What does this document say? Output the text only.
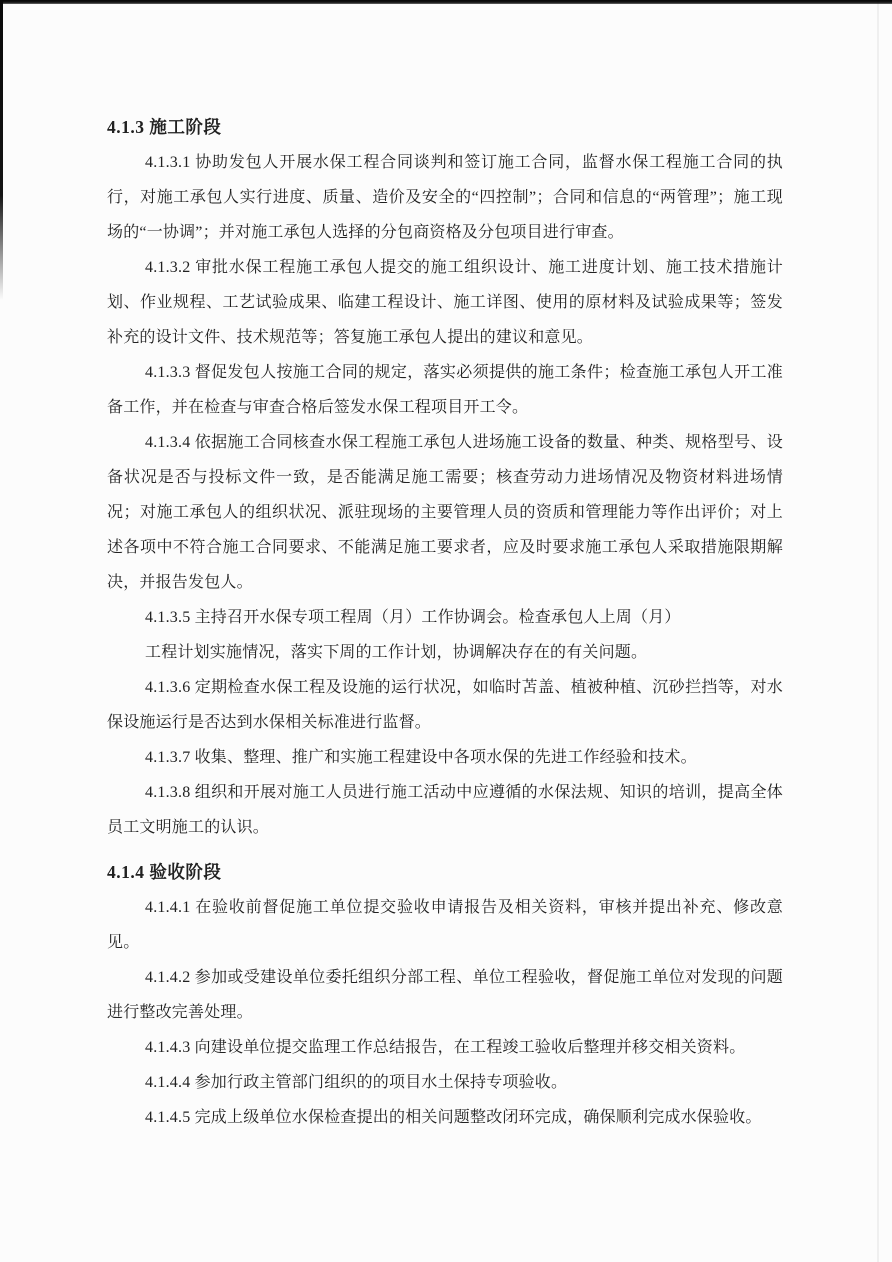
4.1.3 施工阶段

4.1.3.1 协助发包人开展水保工程合同谈判和签订施工合同，监督水保工程施工合同的执行，对施工承包人实行进度、质量、造价及安全的“四控制”；合同和信息的“两管理”；施工现场的“一协调”；并对施工承包人选择的分包商资格及分包项目进行审查。

4.1.3.2 审批水保工程施工承包人提交的施工组织设计、施工进度计划、施工技术措施计划、作业规程、工艺试验成果、临建工程设计、施工详图、使用的原材料及试验成果等；签发补充的设计文件、技术规范等；答复施工承包人提出的建议和意见。

4.1.3.3 督促发包人按施工合同的规定，落实必须提供的施工条件；检查施工承包人开工准备工作，并在检查与审查合格后签发水保工程项目开工令。

4.1.3.4 依据施工合同核查水保工程施工承包人进场施工设备的数量、种类、规格型号、设备状况是否与投标文件一致，是否能满足施工需要；核查劳动力进场情况及物资材料进场情况；对施工承包人的组织状况、派驻现场的主要管理人员的资质和管理能力等作出评价；对上述各项中不符合施工合同要求、不能满足施工要求者，应及时要求施工承包人采取措施限期解决，并报告发包人。

4.1.3.5 主持召开水保专项工程周（月）工作协调会。检查承包人上周（月）

工程计划实施情况，落实下周的工作计划，协调解决存在的有关问题。

4.1.3.6 定期检查水保工程及设施的运行状况，如临时苫盖、植被种植、沉砂拦挡等，对水保设施运行是否达到水保相关标准进行监督。

4.1.3.7 收集、整理、推广和实施工程建设中各项水保的先进工作经验和技术。

4.1.3.8 组织和开展对施工人员进行施工活动中应遵循的水保法规、知识的培训，提高全体员工文明施工的认识。

4.1.4 验收阶段

4.1.4.1 在验收前督促施工单位提交验收申请报告及相关资料，审核并提出补充、修改意见。

4.1.4.2 参加或受建设单位委托组织分部工程、单位工程验收，督促施工单位对发现的问题进行整改完善处理。

4.1.4.3 向建设单位提交监理工作总结报告，在工程竣工验收后整理并移交相关资料。

4.1.4.4 参加行政主管部门组织的的项目水土保持专项验收。

4.1.4.5 完成上级单位水保检查提出的相关问题整改闭环完成，确保顺利完成水保验收。
